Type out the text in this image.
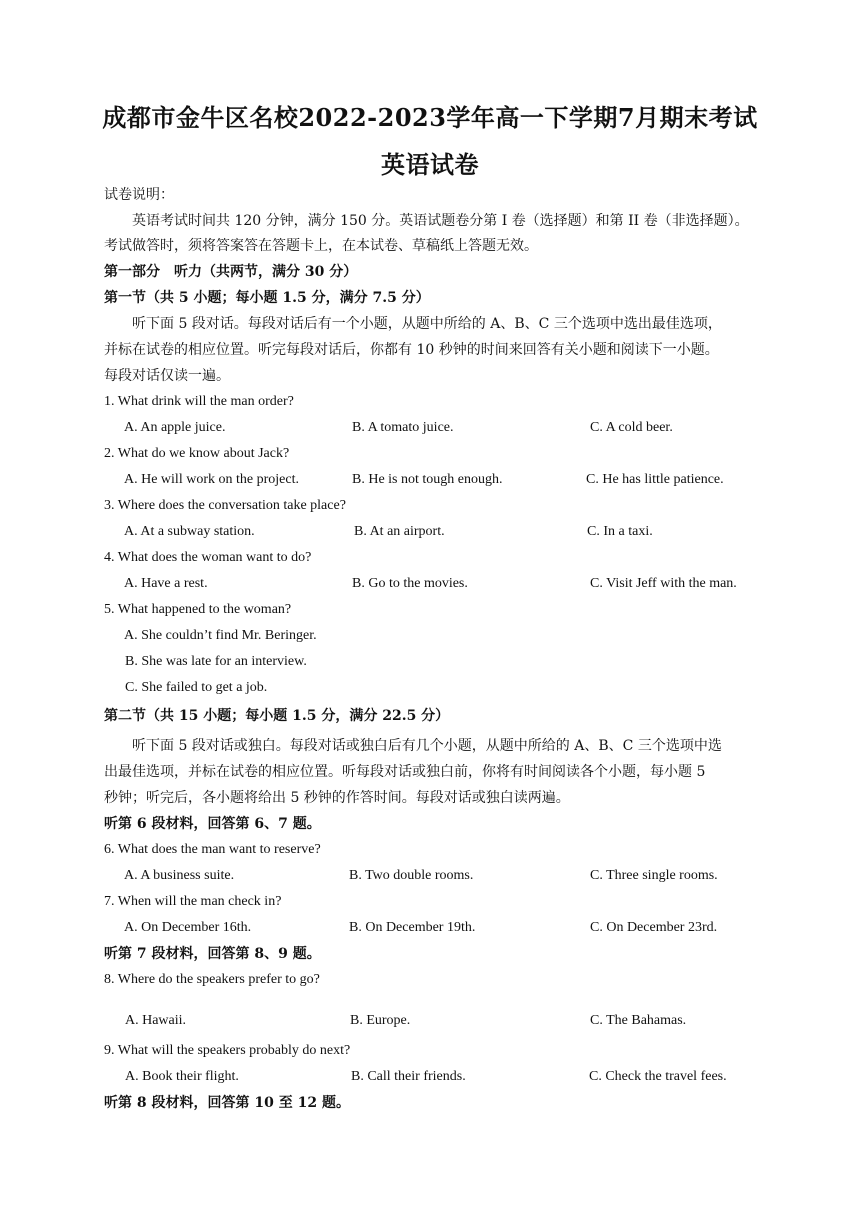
成都市金牛区名校2022-2023学年高一下学期7月期末考试
英语试卷
试卷说明：
英语考试时间共 120 分钟，满分 150 分。英语试题卷分第 I 卷（选择题）和第 II 卷（非选择题）。
考试做答时，须将答案答在答题卡上，在本试卷、草稿纸上答题无效。
第一部分　听力（共两节，满分 30 分）
第一节（共 5 小题；每小题 1.5 分，满分 7.5 分）
听下面 5 段对话。每段对话后有一个小题，从题中所给的 A、B、C 三个选项中选出最佳选项，
并标在试卷的相应位置。听完每段对话后，你都有 10 秒钟的时间来回答有关小题和阅读下一小题。
每段对话仅读一遍。
1. What drink will the man order?
A. An apple juice.	B. A tomato juice.	C. A cold beer.
2. What do we know about Jack?
A. He will work on the project.	B. He is not tough enough.	C. He has little patience.
3. Where does the conversation take place?
A. At a subway station.	B. At an airport.	C. In a taxi.
4. What does the woman want to do?
A. Have a rest.	B. Go to the movies.	C. Visit Jeff with the man.
5. What happened to the woman?
A. She couldn’t find Mr. Beringer.
B. She was late for an interview.
C. She failed to get a job.
第二节（共 15 小题；每小题 1.5 分，满分 22.5 分）
听下面 5 段对话或独白。每段对话或独白后有几个小题，从题中所给的 A、B、C 三个选项中选
出最佳选项，并标在试卷的相应位置。听每段对话或独白前，你将有时间阅读各个小题，每小题 5
秒钟；听完后，各小题将给出 5 秒钟的作答时间。每段对话或独白读两遍。
听第 6 段材料，回答第 6、7 题。
6. What does the man want to reserve?
A. A business suite.	B. Two double rooms.	C. Three single rooms.
7. When will the man check in?
A. On December 16th.	B. On December 19th.	C. On December 23rd.
听第 7 段材料，回答第 8、9 题。
8. Where do the speakers prefer to go?
A. Hawaii.	B. Europe.	C. The Bahamas.
9. What will the speakers probably do next?
A. Book their flight.	B. Call their friends.	C. Check the travel fees.
听第 8 段材料，回答第 10 至 12 题。
